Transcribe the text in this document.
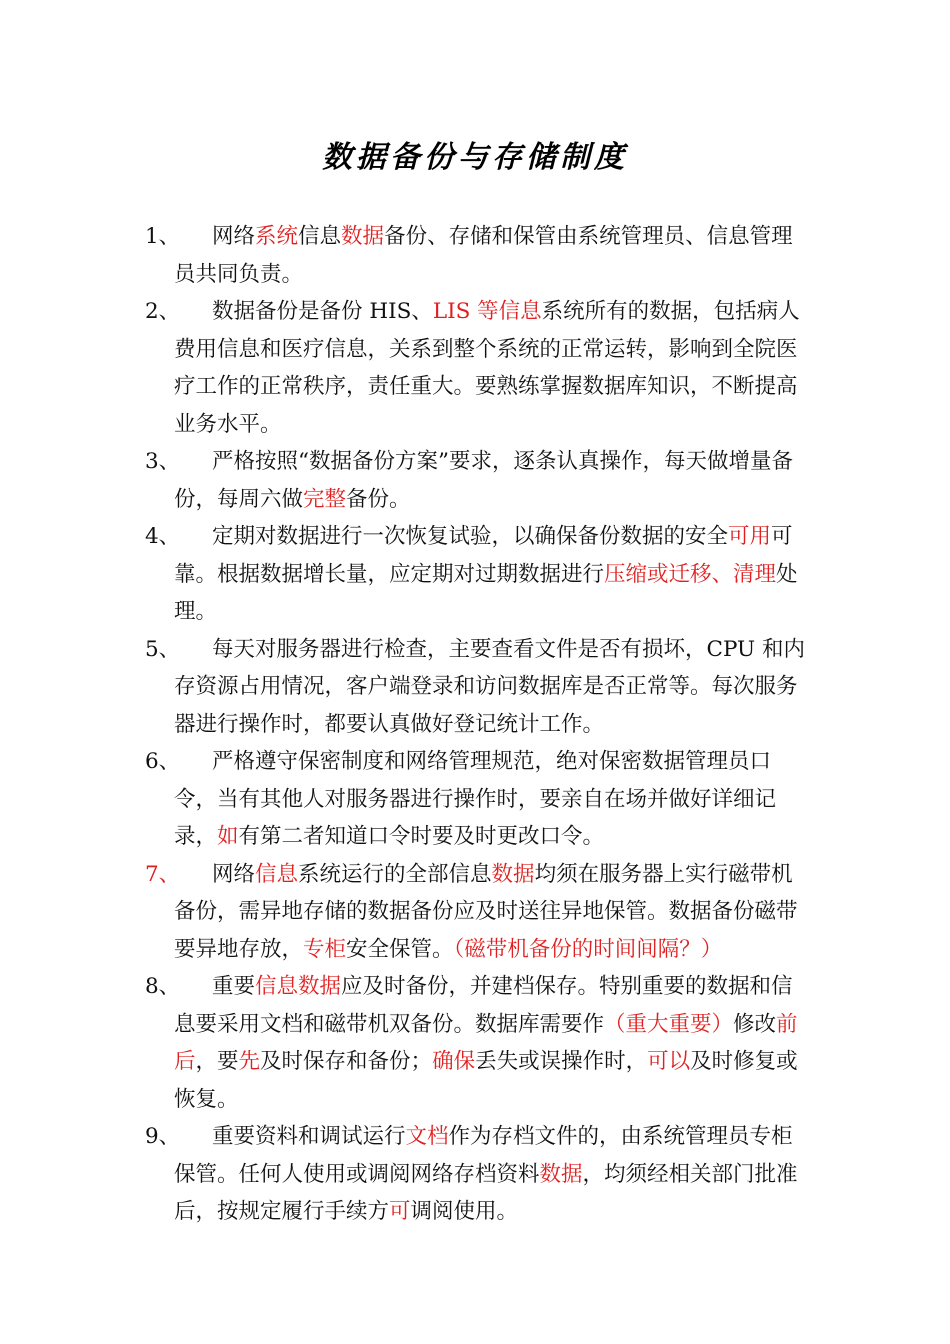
数据备份与存储制度
1、	网络系统信息数据备份、存储和保管由系统管理员、信息管理员共同负责。
2、	数据备份是备份 HIS、LIS 等信息系统所有的数据，包括病人费用信息和医疗信息，关系到整个系统的正常运转，影响到全院医疗工作的正常秩序，责任重大。要熟练掌握数据库知识，不断提高业务水平。
3、	严格按照“数据备份方案”要求，逐条认真操作，每天做增量备份，每周六做完整备份。
4、	定期对数据进行一次恢复试验，以确保备份数据的安全可用可靠。根据数据增长量，应定期对过期数据进行压缩或迁移、清理处理。
5、	每天对服务器进行检查，主要查看文件是否有损坏，CPU 和内存资源占用情况，客户端登录和访问数据库是否正常等。每次服务器进行操作时，都要认真做好登记统计工作。
6、	严格遵守保密制度和网络管理规范，绝对保密数据管理员口令，当有其他人对服务器进行操作时，要亲自在场并做好详细记录，如有第二者知道口令时要及时更改口令。
7、	网络信息系统运行的全部信息数据均须在服务器上实行磁带机备份，需异地存储的数据备份应及时送往异地保管。数据备份磁带要异地存放，专柜安全保管。（磁带机备份的时间间隔？）
8、	重要信息数据应及时备份，并建档保存。特别重要的数据和信息要采用文档和磁带机双备份。数据库需要作（重大重要）修改前后，要先及时保存和备份；确保丢失或误操作时，可以及时修复或恢复。
9、	重要资料和调试运行文档作为存档文件的，由系统管理员专柜保管。任何人使用或调阅网络存档资料数据，均须经相关部门批准后，按规定履行手续方可调阅使用。
